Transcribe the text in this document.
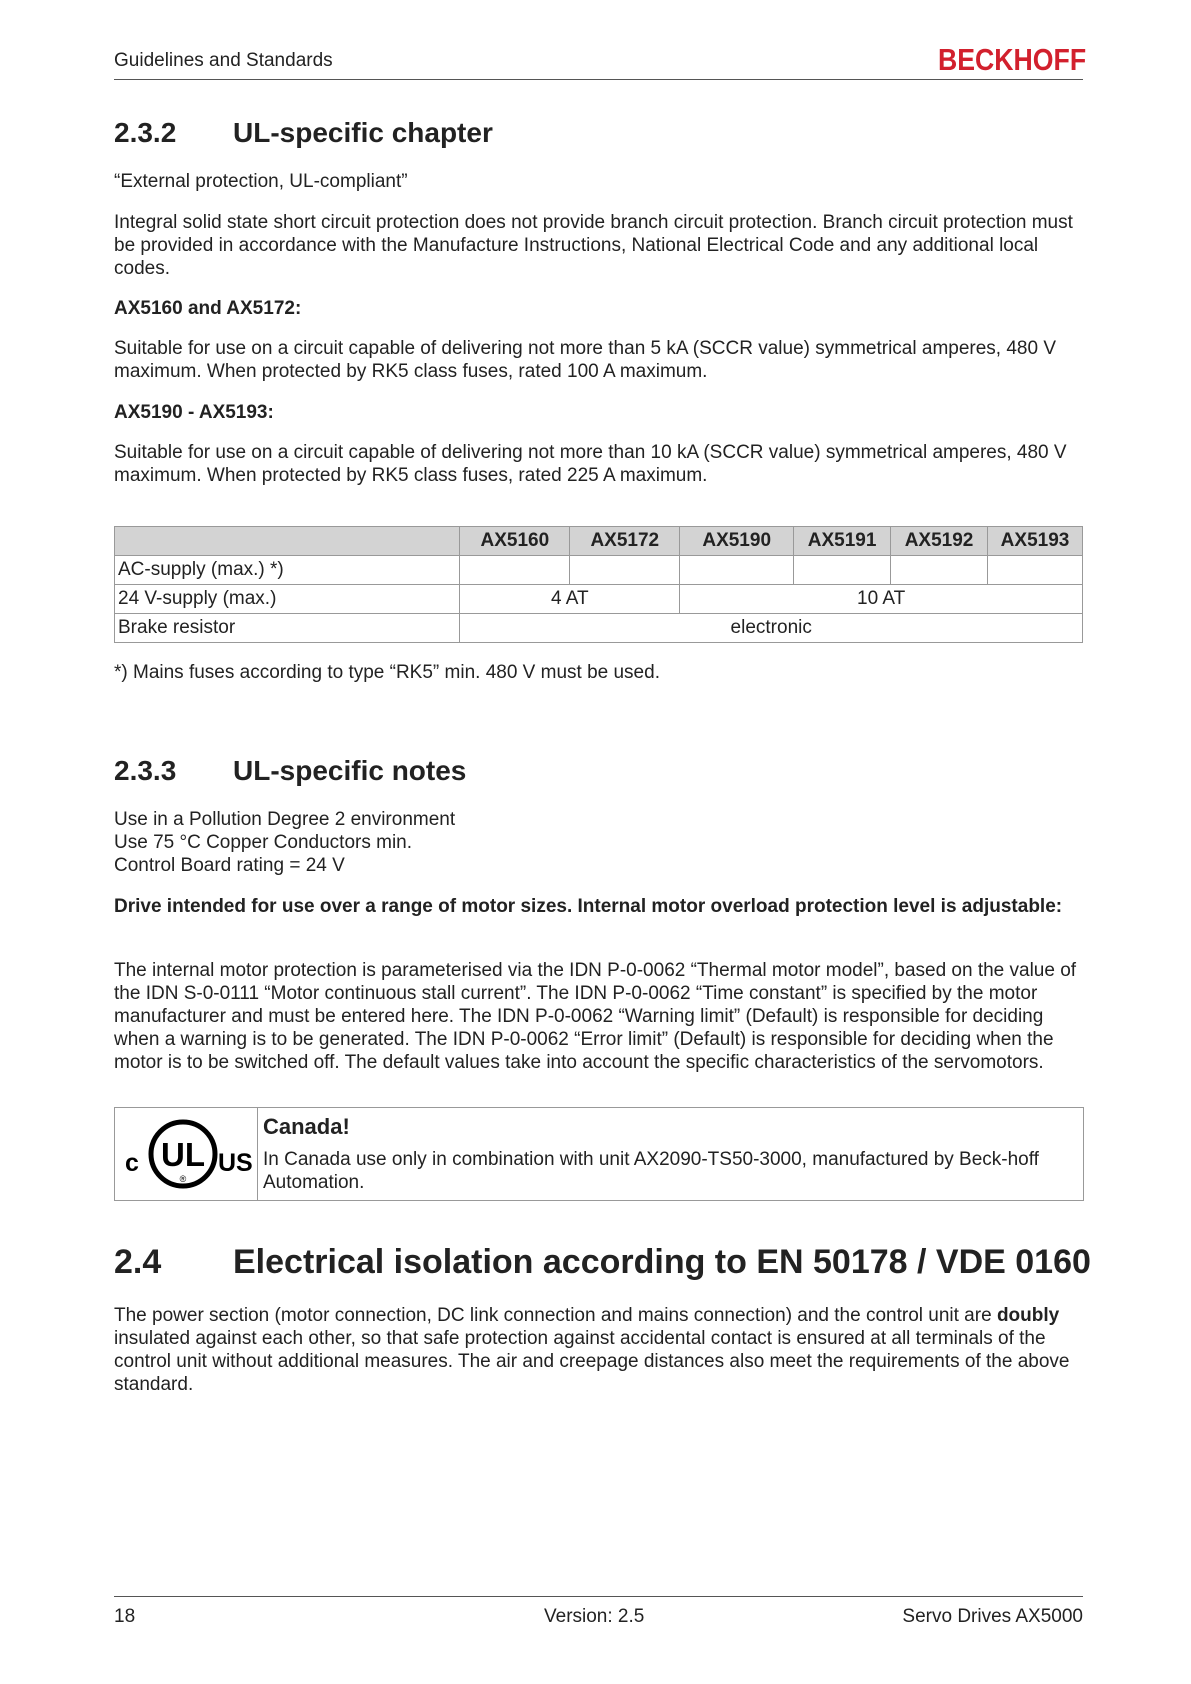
Guidelines and Standards	BECKHOFF
2.3.2 UL-specific chapter
“External protection, UL-compliant”
Integral solid state short circuit protection does not provide branch circuit protection. Branch circuit protection must be provided in accordance with the Manufacture Instructions, National Electrical Code and any additional local codes.
AX5160 and AX5172:
Suitable for use on a circuit capable of delivering not more than 5 kA (SCCR value) symmetrical amperes, 480 V maximum. When protected by RK5 class fuses, rated 100 A maximum.
AX5190 - AX5193:
Suitable for use on a circuit capable of delivering not more than 10 kA (SCCR value) symmetrical amperes, 480 V maximum. When protected by RK5 class fuses, rated 225 A maximum.
	AX5160	AX5172	AX5190	AX5191	AX5192	AX5193
AC-supply (max.) *)						
24 V-supply (max.)	4 AT		10 AT			
Brake resistor	electronic					
*) Mains fuses according to type “RK5” min. 480 V must be used.
2.3.3 UL-specific notes
Use in a Pollution Degree 2 environment
Use 75 °C Copper Conductors min.
Control Board rating = 24 V
Drive intended for use over a range of motor sizes. Internal motor overload protection level is adjustable:
The internal motor protection is parameterised via the IDN P-0-0062 “Thermal motor model”, based on the value of the IDN S-0-0111 “Motor continuous stall current”. The IDN P-0-0062 “Time constant” is specified by the motor manufacturer and must be entered here. The IDN P-0-0062 “Warning limit” (Default) is responsible for deciding when a warning is to be generated. The IDN P-0-0062 “Error limit” (Default) is responsible for deciding when the motor is to be switched off. The default values take into account the specific characteristics of the servomotors.
c UL
®
US
Canada!
In Canada use only in combination with unit AX2090-TS50-3000, manufactured by Beck-hoff Automation.
2.4 Electrical isolation according to EN 50178 / VDE 0160
The power section (motor connection, DC link connection and mains connection) and the control unit are doubly insulated against each other, so that safe protection against accidental contact is ensured at all terminals of the control unit without additional measures. The air and creepage distances also meet the requirements of the above standard.
18	Version: 2.5	Servo Drives AX5000
